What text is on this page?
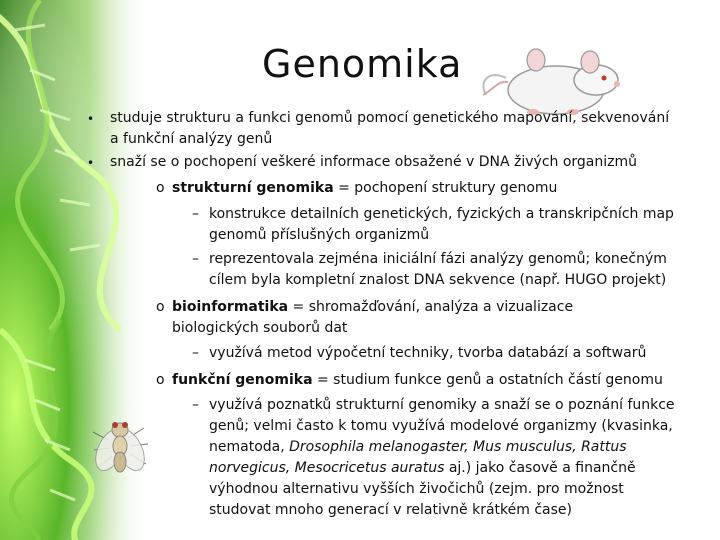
Genomika
• studuje strukturu a funkci genomů pomocí genetického mapování, sekvenování a funkční analýzy genů
• snaží se o pochopení veškeré informace obsažené v DNA živých organizmů
o strukturní genomika = pochopení struktury genomu
– konstrukce detailních genetických, fyzických a transkripčních map genomů příslušných organizmů
– reprezentovala zejména iniciální fázi analýzy genomů; konečným cílem byla kompletní znalost DNA sekvence (např. HUGO projekt)
o bioinformatika = shromažďování, analýza a vizualizace biologických souborů dat
– využívá metod výpočetní techniky, tvorba databází a softwarů
o funkční genomika = studium funkce genů a ostatních částí genomu
– využívá poznatků strukturní genomiky a snaží se o poznání funkce genů; velmi často k tomu využívá modelové organizmy (kvasinka, nematoda, Drosophila melanogaster, Mus musculus, Rattus norvegicus, Mesocricetus auratus aj.) jako časově a finančně výhodnou alternativu vyšších živočichů (zejm. pro možnost studovat mnoho generací v relativně krátkém čase)
